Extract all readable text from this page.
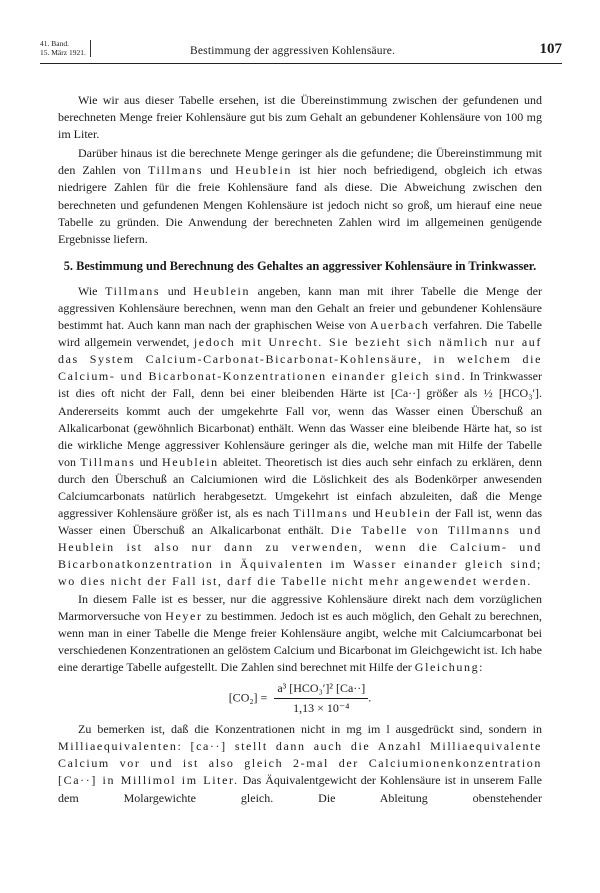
41. Band.
15. März 1921.	Bestimmung der aggressiven Kohlensäure.	107

Wie wir aus dieser Tabelle ersehen, ist die Übereinstimmung zwischen der gefundenen und berechneten Menge freier Kohlensäure gut bis zum Gehalt an gebundener Kohlensäure von 100 mg im Liter.

Darüber hinaus ist die berechnete Menge geringer als die gefundene; die Übereinstimmung mit den Zahlen von Tillmans und Heublein ist hier noch befriedigend, obgleich ich etwas niedrigere Zahlen für die freie Kohlensäure fand als diese. Die Abweichung zwischen den berechneten und gefundenen Mengen Kohlensäure ist jedoch nicht so groß, um hierauf eine neue Tabelle zu gründen. Die Anwendung der berechneten Zahlen wird im allgemeinen genügende Ergebnisse liefern.

5. Bestimmung und Berechnung des Gehaltes an aggressiver Kohlensäure in Trinkwasser.

Wie Tillmans und Heublein angeben, kann man mit ihrer Tabelle die Menge der aggressiven Kohlensäure berechnen, wenn man den Gehalt an freier und gebundener Kohlensäure bestimmt hat. Auch kann man nach der graphischen Weise von Auerbach verfahren. Die Tabelle wird allgemein verwendet, jedoch mit Unrecht. Sie bezieht sich nämlich nur auf das System Calcium-Carbonat-Bicarbonat-Kohlensäure, in welchem die Calcium- und Bicarbonat-Konzentrationen einander gleich sind. In Trinkwasser ist dies oft nicht der Fall, denn bei einer bleibenden Härte ist [Ca··] größer als ½ [HCO₃′]. Andererseits kommt auch der umgekehrte Fall vor, wenn das Wasser einen Überschuß an Alkalicarbonat (gewöhnlich Bicarbonat) enthält. Wenn das Wasser eine bleibende Härte hat, so ist die wirkliche Menge aggressiver Kohlensäure geringer als die, welche man mit Hilfe der Tabelle von Tillmans und Heublein ableitet. Theoretisch ist dies auch sehr einfach zu erklären, denn durch den Überschuß an Calciumionen wird die Löslichkeit des als Bodenkörper anwesenden Calciumcarbonats natürlich herabgesetzt. Umgekehrt ist einfach abzuleiten, daß die Menge aggressiver Kohlensäure größer ist, als es nach Tillmans und Heublein der Fall ist, wenn das Wasser einen Überschuß an Alkalicarbonat enthält. Die Tabelle von Tillmanns und Heublein ist also nur dann zu verwenden, wenn die Calcium- und Bicarbonatkonzentration in Äquivalenten im Wasser einander gleich sind; wo dies nicht der Fall ist, darf die Tabelle nicht mehr angewendet werden.

In diesem Falle ist es besser, nur die aggressive Kohlensäure direkt nach dem vorzüglichen Marmorversuche von Heyer zu bestimmen. Jedoch ist es auch möglich, den Gehalt zu berechnen, wenn man in einer Tabelle die Menge freier Kohlensäure angibt, welche mit Calciumcarbonat bei verschiedenen Konzentrationen an gelöstem Calcium und Bicarbonat im Gleichgewicht ist. Ich habe eine derartige Tabelle aufgestellt. Die Zahlen sind berechnet mit Hilfe der Gleichung:

$[CO_2] = \frac{\text{a³ [HCO₃′]² [Ca··]}}{\text{1,13 × 10⁻⁴}}$ .

Zu bemerken ist, daß die Konzentrationen nicht in mg im l ausgedrückt sind, sondern in Milliaequivalenten: [ca··] stellt dann auch die Anzahl Milliaequivalente Calcium vor und ist also gleich 2-mal der Calciumionenkonzentration [Ca··] in Millimol im Liter. Das Äquivalentgewicht der Kohlensäure ist in unserem Falle dem Molargewichte gleich. Die Ableitung obenstehender
